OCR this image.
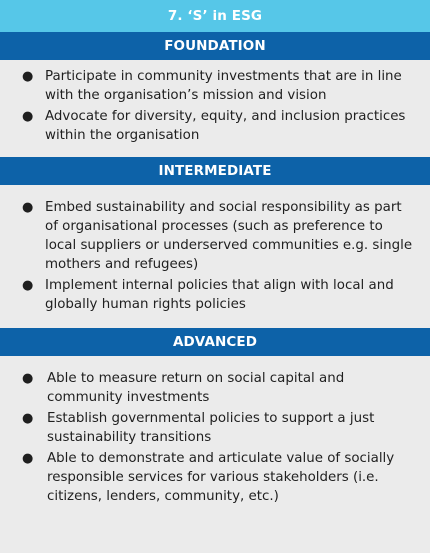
7. ‘S’ in ESG
FOUNDATION
● Participate in community investments that are in line with the organisation’s mission and vision
● Advocate for diversity, equity, and inclusion practices within the organisation
INTERMEDIATE
● Embed sustainability and social responsibility as part of organisational processes (such as preference to local suppliers or underserved communities e.g. single mothers and refugees)
● Implement internal policies that align with local and globally human rights policies
ADVANCED
● Able to measure return on social capital and community investments
● Establish governmental policies to support a just sustainability transitions
● Able to demonstrate and articulate value of socially responsible services for various stakeholders (i.e. citizens, lenders, community, etc.)
